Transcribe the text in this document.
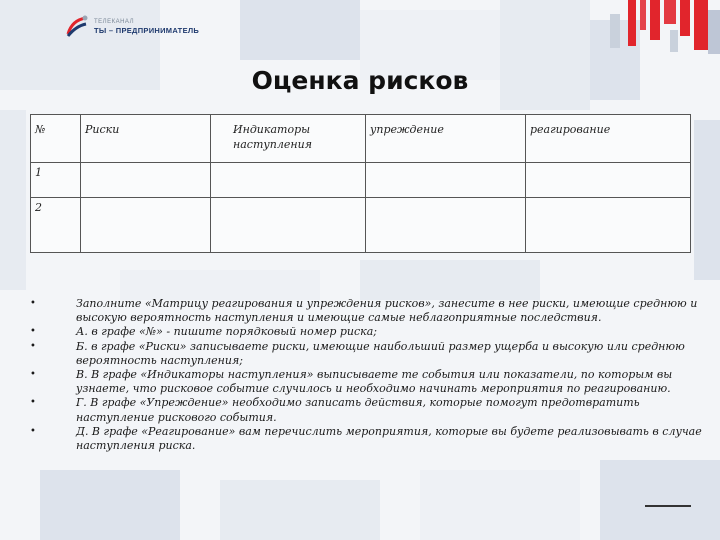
ТЕЛЕКАНАЛ
ТЫ – ПРЕДПРИНИМАТЕЛЬ
Оценка рисков
№	Риски	Индикаторы наступления	упреждение	реагирование
1				
2				
•	Заполните «Матрицу реагирования и упреждения рисков», занесите в нее риски, имеющие среднюю и высокую вероятность наступления и имеющие самые неблагоприятные последствия.
•	А. в графе «№» - пишите порядковый номер риска;
•	Б. в графе «Риски» записываете риски, имеющие наибольший размер ущерба и высокую или среднюю вероятность наступления;
•	В. В графе «Индикаторы наступления» выписываете те события или показатели, по которым вы узнаете, что рисковое событие случилось и необходимо начинать мероприятия по реагированию.
•	Г. В графе «Упреждение» необходимо записать действия, которые помогут предотвратить наступление рискового события.
•	Д. В графе «Реагирование» вам перечислить мероприятия, которые вы будете реализовывать в случае наступления риска.
